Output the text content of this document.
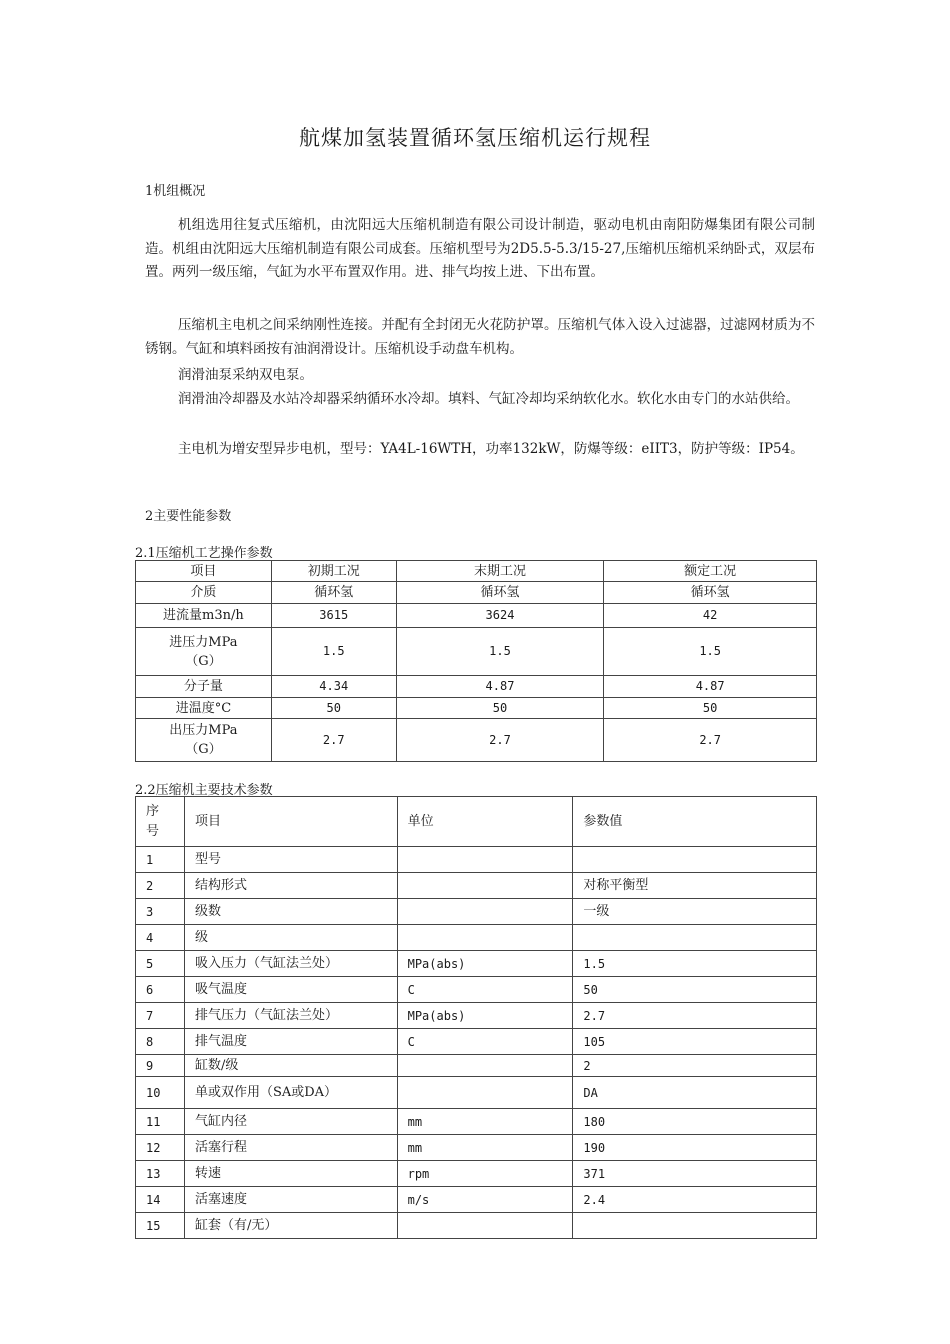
航煤加氢装置循环氢压缩机运行规程
1机组概况
机组选用往复式压缩机，由沈阳远大压缩机制造有限公司设计制造，驱动电机由南阳防爆集团有限公司制造。机组由沈阳远大压缩机制造有限公司成套。压缩机型号为2D5.5-5.3/15-27,压缩机压缩机采纳卧式，双层布置。两列一级压缩，气缸为水平布置双作用。进、排气均按上进、下出布置。
压缩机主电机之间采纳刚性连接。并配有全封闭无火花防护罩。压缩机气体入设入过滤器，过滤网材质为不锈钢。气缸和填料函按有油润滑设计。压缩机设手动盘车机构。
润滑油泵采纳双电泵。
润滑油冷却器及水站冷却器采纳循环水冷却。填料、气缸冷却均采纳软化水。软化水由专门的水站供给。
主电机为增安型异步电机，型号：YA4L-16WTH，功率132kW，防爆等级：eIIT3，防护等级：IP54。
2主要性能参数
2.1压缩机工艺操作参数
项目	初期工况	末期工况	额定工况
介质	循环氢	循环氢	循环氢
进流量m3n/h	3615	3624	42
进压力MPa
（G）	1.5	1.5	1.5
分子量	4.34	4.87	4.87
进温度°C	50	50	50
出压力MPa
（G）	2.7	2.7	2.7
2.2压缩机主要技术参数
序
号	项目	单位	参数值
1	型号		
2	结构形式		对称平衡型
3	级数		一级
4	级		
5	吸入压力（气缸法兰处）	MPa(abs)	1.5
6	吸气温度	C	50
7	排气压力（气缸法兰处）	MPa(abs)	2.7
8	排气温度	C	105
9	缸数/级		2
10	单或双作用（SA或DA）		DA
11	气缸内径	mm	180
12	活塞行程	mm	190
13	转速	rpm	371
14	活塞速度	m/s	2.4
15	缸套（有/无）		
